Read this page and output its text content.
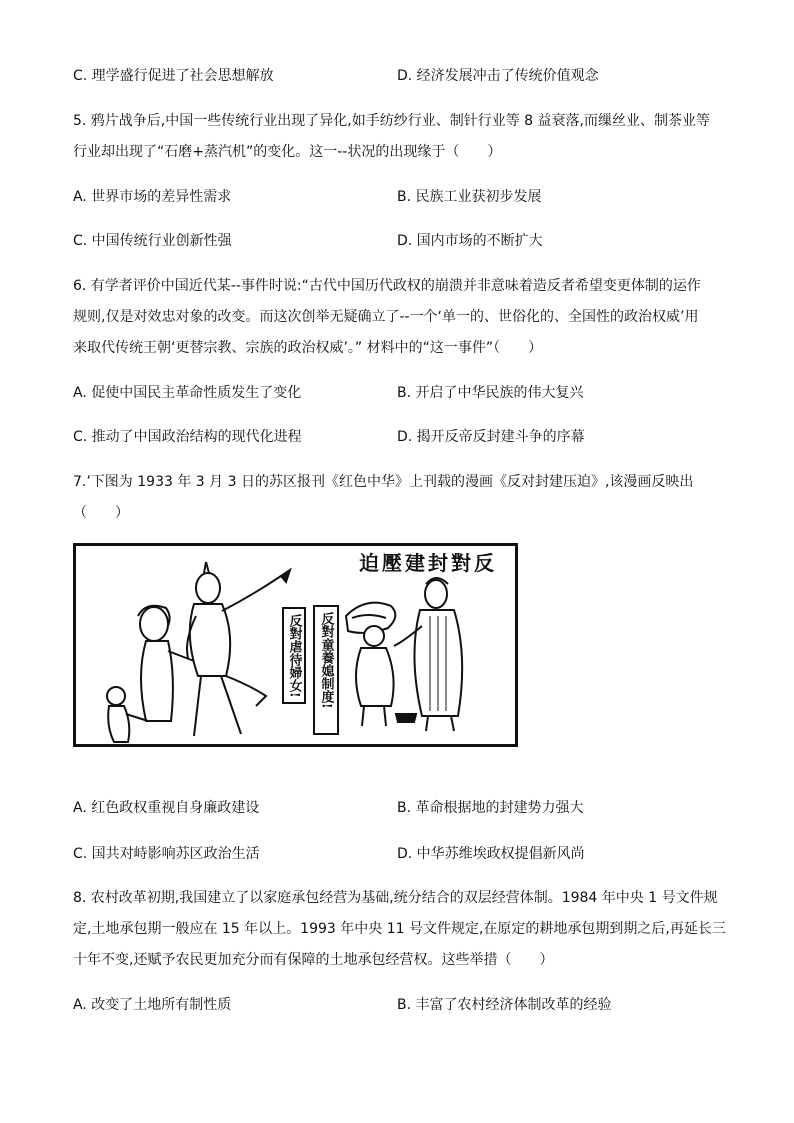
C. 理学盛行促进了社会思想解放	D. 经济发展冲击了传统价值观念
5. 鸦片战争后,中国一些传统行业出现了异化,如手纺纱行业、制针行业等 8 益衰落,而缫丝业、制茶业等
行业却出现了“石磨+蒸汽机”的变化。这一--状况的出现缘于（　　）
A. 世界市场的差异性需求	B. 民族工业获初步发展
C. 中国传统行业创新性强	D. 国内市场的不断扩大
6. 有学者评价中国近代某--事件时说:“古代中国历代政权的崩溃并非意味着造反者希望变更体制的运作
规则,仅是对效忠对象的改变。而这次创举无疑确立了--一个‘单一的、世俗化的、全国性的政治权威’用
来取代传统王朝‘更替宗教、宗族的政治权威’。” 材料中的“这一事件”（　　）
A. 促使中国民主革命性质发生了变化	B. 开启了中华民族的伟大复兴
C. 推动了中国政治结构的现代化进程	D. 揭开反帝反封建斗争的序幕
7.’下图为 1933 年 3 月 3 日的苏区报刊《红色中华》上刊载的漫画《反对封建压迫》,该漫画反映出
（　　）
迫壓建封對反
反對虐待婦女! 反對童養媳制度!
A. 红色政权重视自身廉政建设	B. 革命根据地的封建势力强大
C. 国共对峙影响苏区政治生活	D. 中华苏维埃政权提倡新风尚
8. 农村改革初期,我国建立了以家庭承包经营为基础,统分结合的双层经营体制。1984 年中央 1 号文件规
定,土地承包期一般应在 15 年以上。1993 年中央 11 号文件规定,在原定的耕地承包期到期之后,再延长三
十年不变,还赋予农民更加充分而有保障的土地承包经营权。这些举措（　　）
A. 改变了土地所有制性质	B. 丰富了农村经济体制改革的经验
